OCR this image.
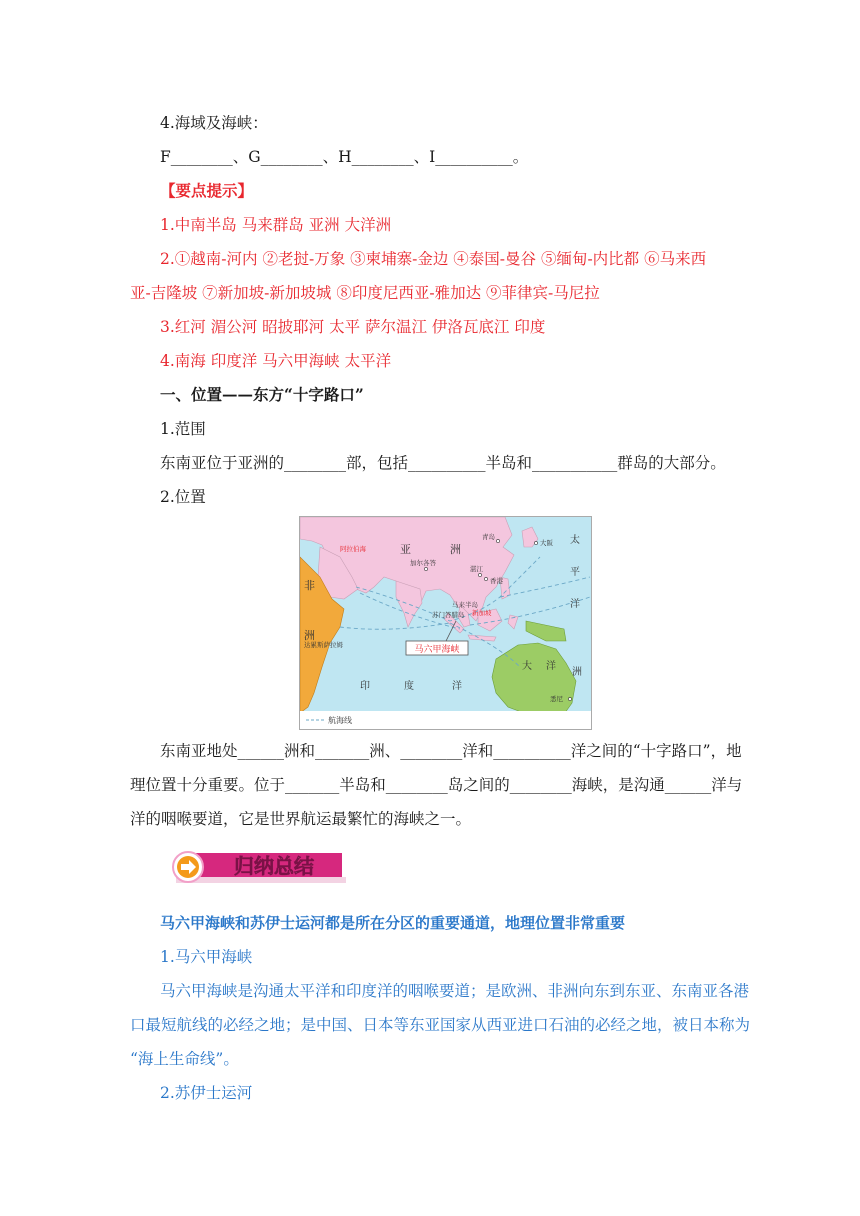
4.海域及海峡：
F________、G________、H________、I__________。
【要点提示】
1.中南半岛 马来群岛 亚洲 大洋洲
2.①越南-河内 ②老挝-万象 ③柬埔寨-金边 ④泰国-曼谷 ⑤缅甸-内比都 ⑥马来西
亚-吉隆坡 ⑦新加坡-新加坡城 ⑧印度尼西亚-雅加达 ⑨菲律宾-马尼拉
3.红河 湄公河 昭披耶河 太平 萨尔温江 伊洛瓦底江 印度
4.南海 印度洋 马六甲海峡 太平洋
一、位置——东方“十字路口”
1.范围
东南亚位于亚洲的________部，包括__________半岛和___________群岛的大部分。
2.位置
马六甲海峡
亚	洲
非
洲
太
平
洋
印	度	洋
大 洋
洲
青岛
大阪
加尔各答
湛江
香港
达累斯萨拉姆
悉尼
马来半岛
新加坡
苏门答腊岛
阿拉伯海
航海线
东南亚地处______洲和_______洲、________洋和__________洋之间的“十字路口”，地
理位置十分重要。位于_______半岛和________岛之间的________海峡，是沟通______洋与
洋的咽喉要道，它是世界航运最繁忙的海峡之一。
归纳总结
马六甲海峡和苏伊士运河都是所在分区的重要通道，地理位置非常重要
1.马六甲海峡
马六甲海峡是沟通太平洋和印度洋的咽喉要道；是欧洲、非洲向东到东亚、东南亚各港
口最短航线的必经之地；是中国、日本等东亚国家从西亚进口石油的必经之地，被日本称为
“海上生命线”。
2.苏伊士运河
